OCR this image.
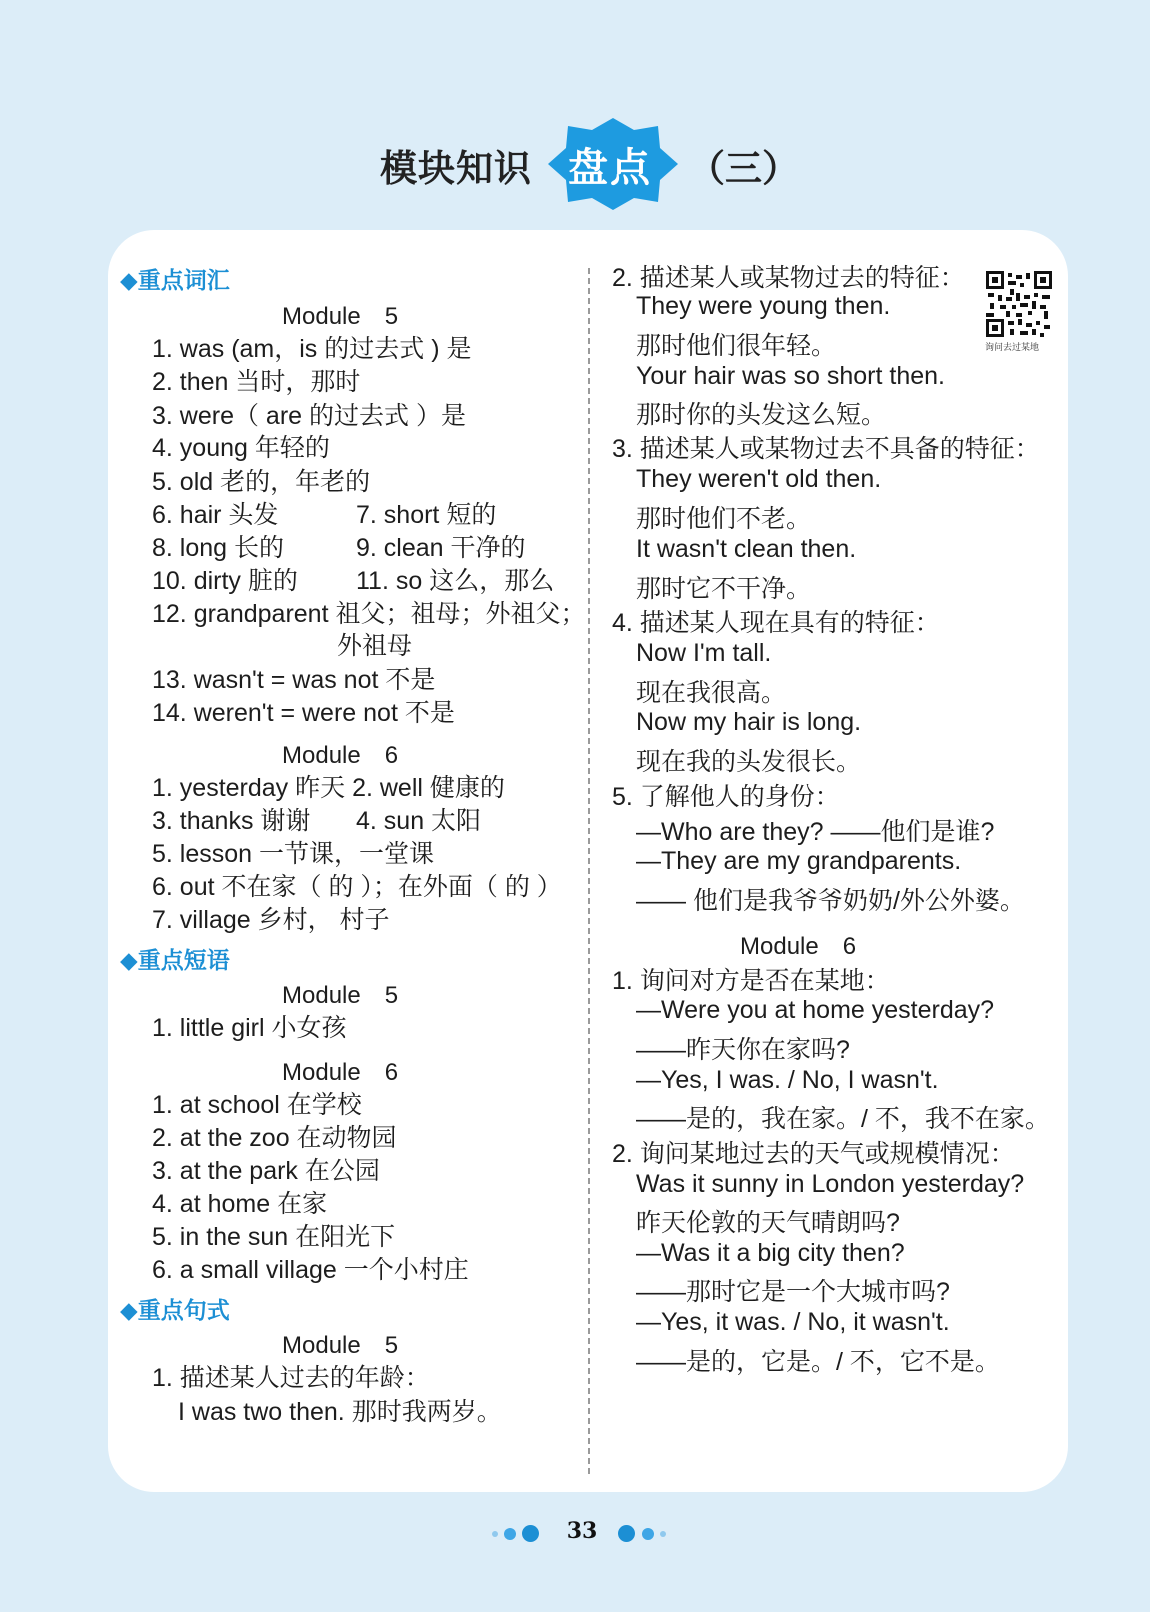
模块知识 盘点 （三）
询问去过某地
◆重点词汇
Module　5
1. was (am，is 的过去式 ) 是
2. then 当时，那时
3. were（ are 的过去式 ）是
4. young 年轻的
5. old 老的，年老的
6. hair 头发	7. short 短的
8. long 长的	9. clean 干净的
10. dirty 脏的 11. so 这么，那么
12. grandparent 祖父；祖母；外祖父；
外祖母
13. wasn't = was not 不是
14. weren't = were not 不是
Module　6
1. yesterday 昨天 2. well 健康的
3. thanks 谢谢 4. sun 太阳
5. lesson 一节课，一堂课
6. out 不在家（ 的 ）；在外面（ 的 ）
7. village 乡村， 村子
◆重点短语
Module　5
1. little girl 小女孩
Module　6
1. at school 在学校
2. at the zoo 在动物园
3. at the park 在公园
4. at home 在家
5. in the sun 在阳光下
6. a small village 一个小村庄
◆重点句式
Module　5
1. 描述某人过去的年龄：
I was two then. 那时我两岁。
2. 描述某人或某物过去的特征：
They were young then.
那时他们很年轻。
Your hair was so short then.
那时你的头发这么短。
3. 描述某人或某物过去不具备的特征：
They weren't old then.
那时他们不老。
It wasn't clean then.
那时它不干净。
4. 描述某人现在具有的特征：
Now I'm tall.
现在我很高。
Now my hair is long.
现在我的头发很长。
5. 了解他人的身份：
—Who are they? ——他们是谁?
—They are my grandparents.
—— 他们是我爷爷奶奶/外公外婆。
Module　6
1. 询问对方是否在某地：
—Were you at home yesterday?
——昨天你在家吗?
—Yes, I was. / No, I wasn't.
——是的，我在家。/ 不，我不在家。
2. 询问某地过去的天气或规模情况：
Was it sunny in London yesterday?
昨天伦敦的天气晴朗吗?
—Was it a big city then?
——那时它是一个大城市吗?
—Yes, it was. / No, it wasn't.
——是的，它是。/ 不，它不是。
33
